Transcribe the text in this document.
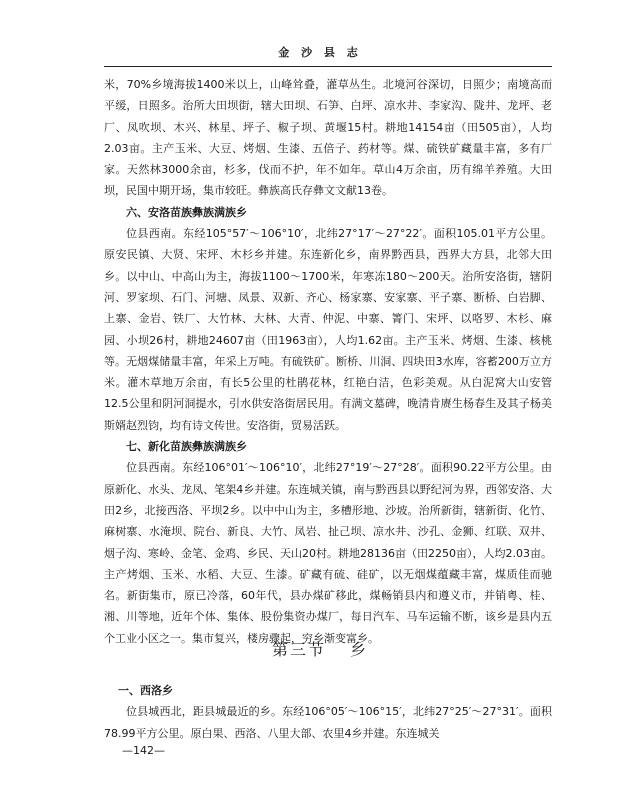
金 沙 县 志

米，70%乡境海拔1400米以上，山峰耸叠，灌草丛生。北境河谷深切，日照少；南境高而平缓，日照多。治所大田坝街，辖大田坝、石笋、白坪、凉水井、李家沟、陇井、龙坪、老厂、凤吹坝、木兴、林星、坪子、椒子坝、黄堰15村。耕地14154亩（田505亩），人均2.03亩。主产玉米、大豆、烤烟、生漆、五倍子、药材等。煤、硫铁矿藏量丰富，多有厂家。天然林3000余亩，杉多，伐而不护，年不如年。草山4万余亩，历有绵羊养殖。大田坝，民国中期开场，集市较旺。彝族高氏存彝文文献13卷。

六、安洛苗族彝族满族乡

位县西南。东经105°57′～106°10′，北纬27°17′～27°22′。面积105.01平方公里。原安民镇、大贤、宋坪、木杉乡并建。东连新化乡，南界黔西县，西界大方县，北邻大田乡。以中山、中高山为主，海拔1100～1700米，年寒冻180～200天。治所安洛街，辖阴河、罗家坝、石门、河塘、凤景、双新、齐心、杨家寨、安家寨、平子寨、断桥、白岩脚、上寨、金岩、铁厂、大竹林、大林、大青、仲泥、中寨、箐门、宋坪、以咯罗、木杉、麻园、小坝26村，耕地24607亩（田1963亩），人均1.62亩。主产玉米、烤烟、生漆、核桃等。无烟煤储量丰富，年采上万吨。有硫铁矿。断桥、川洞、四块田3水库，容蓄200万立方米。灌木草地万余亩，有长5公里的杜鹃花林，红艳白洁，色彩美观。从白泥窝大山安管12.5公里和阴河洞提水，引水供安洛街居民用。有满文墓碑，晚清肯赓生杨春生及其子杨美斯婿赵烈钧，均有诗文传世。安洛街，贸易活跃。

七、新化苗族彝族满族乡

位县西南。东经106°01′～106°10′，北纬27°19′～27°28′。面积90.22平方公里。由原新化、水头、龙凤、笔架4乡并建。东连城关镇，南与黔西县以野纪河为界，西邻安洛、大田2乡，北接西洛、平坝2乡。以中中山为主，多槽形地、沙坡。治所新街，辖新街、化竹、麻树寨、水淹坝、院台、新良、大竹、凤岩、扯己坝、凉水井、沙孔、金狮、红联、双井、烟子沟、寒岭、金笔、金鸡、乡民、天山20村。耕地28136亩（田2250亩），人均2.03亩。主产烤烟、玉米、水稻、大豆、生漆。矿藏有硫、硅矿，以无烟煤蕴藏丰富，煤质佳而驰名。新街集市，原已冷落，60年代，县办煤矿移此，煤畅销县内和遵义市，并销粤、桂、湘、川等地，近年个体、集体、股份集资办煤厂，每日汽车、马车运输不断，该乡是县内五个工业小区之一。集市复兴，楼房骤起，穷乡渐变富乡。

第三节 乡

一、西洛乡

位县城西北，距县城最近的乡。东经106°05′～106°15′，北纬27°25′～27°31′。面积78.99平方公里。原白果、西洛、八里大部、农里4乡并建。东连城关

—142—
